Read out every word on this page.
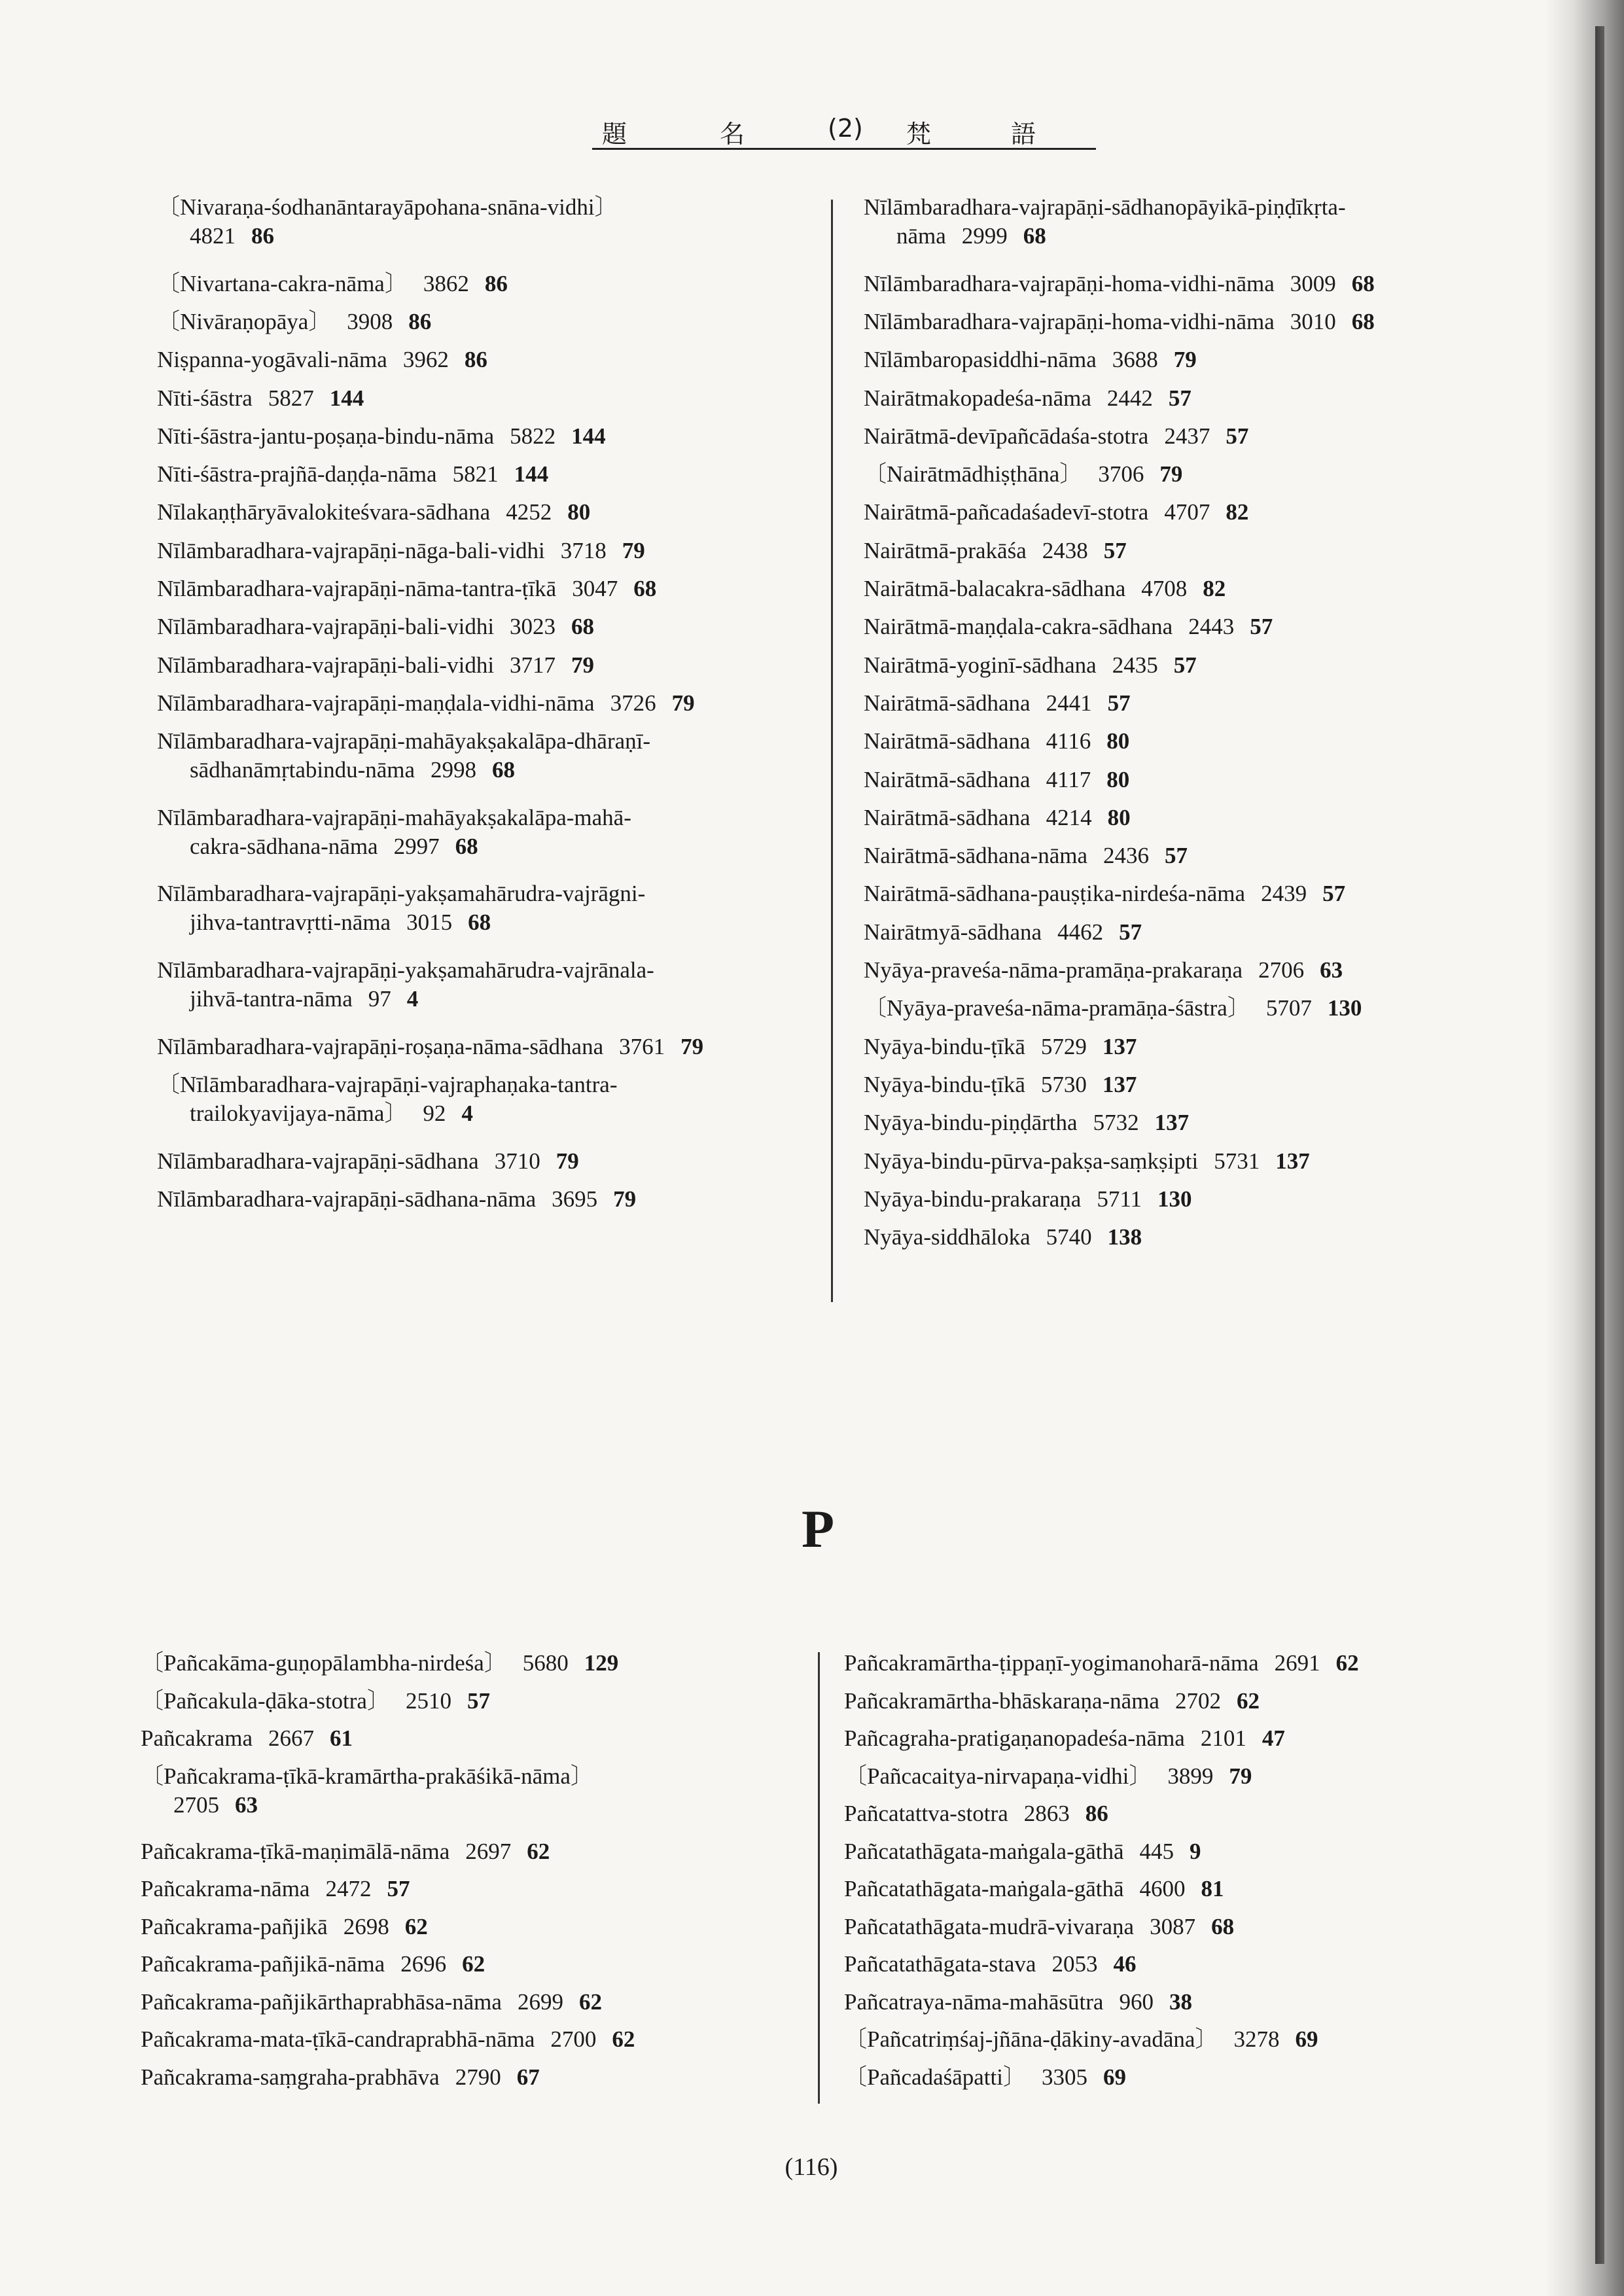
題	名	(2) 梵	語
〔Nivaraṇa-śodhanāntarayāpohana-snāna-vidhi〕
4821 86
〔Nivartana-cakra-nāma〕 3862 86
〔Nivāraṇopāya〕 3908 86
Niṣpanna-yogāvali-nāma 3962 86
Nīti-śāstra 5827 144
Nīti-śāstra-jantu-poṣaṇa-bindu-nāma 5822 144
Nīti-śāstra-prajñā-daṇḍa-nāma 5821 144
Nīlakaṇṭhāryāvalokiteśvara-sādhana 4252 80
Nīlāmbaradhara-vajrapāṇi-nāga-bali-vidhi 3718 79
Nīlāmbaradhara-vajrapāṇi-nāma-tantra-ṭīkā 3047 68
Nīlāmbaradhara-vajrapāṇi-bali-vidhi 3023 68
Nīlāmbaradhara-vajrapāṇi-bali-vidhi 3717 79
Nīlāmbaradhara-vajrapāṇi-maṇḍala-vidhi-nāma 3726 79
Nīlāmbaradhara-vajrapāṇi-mahāyakṣakalāpa-dhāraṇī-
sādhanāmṛtabindu-nāma 2998 68
Nīlāmbaradhara-vajrapāṇi-mahāyakṣakalāpa-mahā-
cakra-sādhana-nāma 2997 68
Nīlāmbaradhara-vajrapāṇi-yakṣamahārudra-vajrāgni-
jihva-tantravṛtti-nāma 3015 68
Nīlāmbaradhara-vajrapāṇi-yakṣamahārudra-vajrānala-
jihvā-tantra-nāma 97 4
Nīlāmbaradhara-vajrapāṇi-roṣaṇa-nāma-sādhana 3761 79
〔Nīlāmbaradhara-vajrapāṇi-vajraphaṇaka-tantra-
trailokyavijaya-nāma〕 92 4
Nīlāmbaradhara-vajrapāṇi-sādhana 3710 79
Nīlāmbaradhara-vajrapāṇi-sādhana-nāma 3695 79
Nīlāmbaradhara-vajrapāṇi-sādhanopāyikā-piṇḍīkṛta-
nāma 2999 68
Nīlāmbaradhara-vajrapāṇi-homa-vidhi-nāma 3009 68
Nīlāmbaradhara-vajrapāṇi-homa-vidhi-nāma 3010 68
Nīlāmbaropasiddhi-nāma 3688 79
Nairātmakopadeśa-nāma 2442 57
Nairātmā-devīpañcādaśa-stotra 2437 57
〔Nairātmādhiṣṭhāna〕 3706 79
Nairātmā-pañcadaśadevī-stotra 4707 82
Nairātmā-prakāśa 2438 57
Nairātmā-balacakra-sādhana 4708 82
Nairātmā-maṇḍala-cakra-sādhana 2443 57
Nairātmā-yoginī-sādhana 2435 57
Nairātmā-sādhana 2441 57
Nairātmā-sādhana 4116 80
Nairātmā-sādhana 4117 80
Nairātmā-sādhana 4214 80
Nairātmā-sādhana-nāma 2436 57
Nairātmā-sādhana-pauṣṭika-nirdeśa-nāma 2439 57
Nairātmyā-sādhana 4462 57
Nyāya-praveśa-nāma-pramāṇa-prakaraṇa 2706 63
〔Nyāya-praveśa-nāma-pramāṇa-śāstra〕 5707 130
Nyāya-bindu-ṭīkā 5729 137
Nyāya-bindu-ṭīkā 5730 137
Nyāya-bindu-piṇḍārtha 5732 137
Nyāya-bindu-pūrva-pakṣa-saṃkṣipti 5731 137
Nyāya-bindu-prakaraṇa 5711 130
Nyāya-siddhāloka 5740 138
P
〔Pañcakāma-guṇopālambha-nirdeśa〕 5680 129
〔Pañcakula-ḍāka-stotra〕 2510 57
Pañcakrama 2667 61
〔Pañcakrama-ṭīkā-kramārtha-prakāśikā-nāma〕
2705 63
Pañcakrama-ṭīkā-maṇimālā-nāma 2697 62
Pañcakrama-nāma 2472 57
Pañcakrama-pañjikā 2698 62
Pañcakrama-pañjikā-nāma 2696 62
Pañcakrama-pañjikārthaprabhāsa-nāma 2699 62
Pañcakrama-mata-ṭīkā-candraprabhā-nāma 2700 62
Pañcakrama-saṃgraha-prabhāva 2790 67
Pañcakramārtha-ṭippaṇī-yogimanoharā-nāma 2691 62
Pañcakramārtha-bhāskaraṇa-nāma 2702 62
Pañcagraha-pratigaṇanopadeśa-nāma 2101 47
〔Pañcacaitya-nirvapaṇa-vidhi〕 3899 79
Pañcatattva-stotra 2863 86
Pañcatathāgata-maṅgala-gāthā 445 9
Pañcatathāgata-maṅgala-gāthā 4600 81
Pañcatathāgata-mudrā-vivaraṇa 3087 68
Pañcatathāgata-stava 2053 46
Pañcatraya-nāma-mahāsūtra 960 38
〔Pañcatriṃśaj-jñāna-ḍākiny-avadāna〕 3278 69
〔Pañcadaśāpatti〕 3305 69
(116)
